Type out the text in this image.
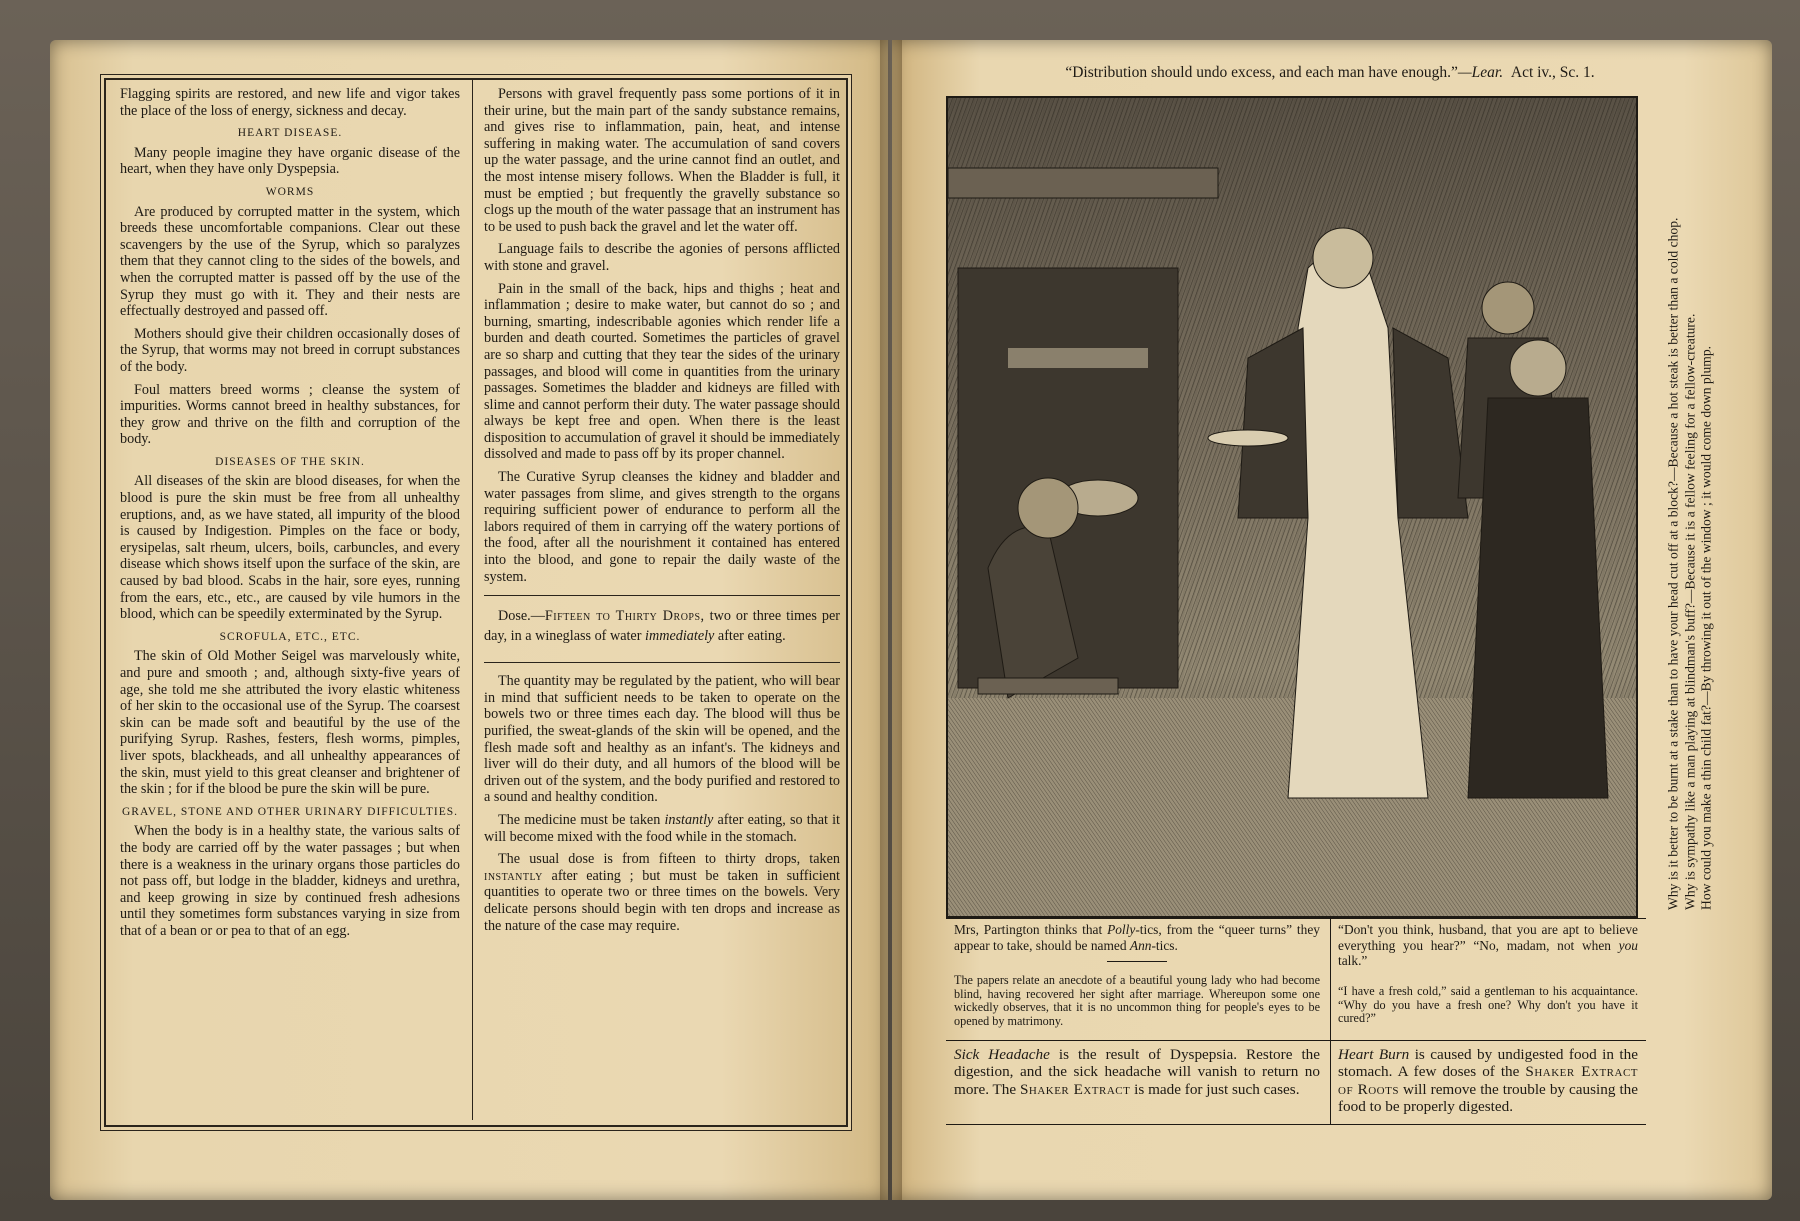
Flagging spirits are restored, and new life and vigor takes the place of the loss of energy, sickness and decay.

HEART DISEASE.

Many people imagine they have organic disease of the heart, when they have only Dyspepsia.

WORMS

Are produced by corrupted matter in the system, which breeds these uncomfortable companions. Clear out these scavengers by the use of the Syrup, which so paralyzes them that they cannot cling to the sides of the bowels, and when the corrupted matter is passed off by the use of the Syrup they must go with it. They and their nests are effectually destroyed and passed off.

Mothers should give their children occasionally doses of the Syrup, that worms may not breed in corrupt substances of the body.

Foul matters breed worms ; cleanse the system of impurities. Worms cannot breed in healthy substances, for they grow and thrive on the filth and corruption of the body.

DISEASES OF THE SKIN.

All diseases of the skin are blood diseases, for when the blood is pure the skin must be free from all unhealthy eruptions, and, as we have stated, all impurity of the blood is caused by Indigestion. Pimples on the face or body, erysipelas, salt rheum, ulcers, boils, carbuncles, and every disease which shows itself upon the surface of the skin, are caused by bad blood. Scabs in the hair, sore eyes, running from the ears, etc., etc., are caused by vile humors in the blood, which can be speedily exterminated by the Syrup.

SCROFULA, ETC., ETC.

The skin of Old Mother Seigel was marvelously white, and pure and smooth ; and, although sixty-five years of age, she told me she attributed the ivory elastic whiteness of her skin to the occasional use of the Syrup. The coarsest skin can be made soft and beautiful by the use of the purifying Syrup. Rashes, festers, flesh worms, pimples, liver spots, blackheads, and all unhealthy appearances of the skin, must yield to this great cleanser and brightener of the skin ; for if the blood be pure the skin will be pure.

GRAVEL, STONE AND OTHER URINARY DIFFICULTIES.

When the body is in a healthy state, the various salts of the body are carried off by the water passages ; but when there is a weakness in the urinary organs those particles do not pass off, but lodge in the bladder, kidneys and urethra, and keep growing in size by continued fresh adhesions until they sometimes form substances varying in size from that of a bean or or pea to that of an egg.

Persons with gravel frequently pass some portions of it in their urine, but the main part of the sandy substance remains, and gives rise to inflammation, pain, heat, and intense suffering in making water. The accumulation of sand covers up the water passage, and the urine cannot find an outlet, and the most intense misery follows. When the Bladder is full, it must be emptied ; but frequently the gravelly substance so clogs up the mouth of the water passage that an instrument has to be used to push back the gravel and let the water off.

Language fails to describe the agonies of persons afflicted with stone and gravel.

Pain in the small of the back, hips and thighs ; heat and inflammation ; desire to make water, but cannot do so ; and burning, smarting, indescribable agonies which render life a burden and death courted. Sometimes the particles of gravel are so sharp and cutting that they tear the sides of the urinary passages, and blood will come in quantities from the urinary passages. Sometimes the bladder and kidneys are filled with slime and cannot perform their duty. The water passage should always be kept free and open. When there is the least disposition to accumulation of gravel it should be immediately dissolved and made to pass off by its proper channel.

The Curative Syrup cleanses the kidney and bladder and water passages from slime, and gives strength to the organs requiring sufficient power of endurance to perform all the labors required of them in carrying off the watery portions of the food, after all the nourishment it contained has entered into the blood, and gone to repair the daily waste of the system.

Dose.—Fifteen to Thirty Drops, two or three times per day, in a wineglass of water immediately after eating.

The quantity may be regulated by the patient, who will bear in mind that sufficient needs to be taken to operate on the bowels two or three times each day. The blood will thus be purified, the sweat-glands of the skin will be opened, and the flesh made soft and healthy as an infant's. The kidneys and liver will do their duty, and all humors of the blood will be driven out of the system, and the body purified and restored to a sound and healthy condition.

The medicine must be taken instantly after eating, so that it will become mixed with the food while in the stomach.

The usual dose is from fifteen to thirty drops, taken instantly after eating ; but must be taken in sufficient quantities to operate two or three times on the bowels. Very delicate persons should begin with ten drops and increase as the nature of the case may require.

“Distribution should undo excess, and each man have enough.”—Lear. Act iv., Sc. 1.

Why is it better to be burnt at a stake than to have your head cut off at a block?—Because a hot steak is better than a cold chop. Why is sympathy like a man playing at blindman's buff?—Because it is a fellow feeling for a fellow-creature. How could you make a thin child fat?—By throwing it out of the window ; it would come down plump.

Mrs, Partington thinks that Polly-tics, from the “queer turns” they appear to take, should be named Ann-tics.

The papers relate an anecdote of a beautiful young lady who had become blind, having recovered her sight after marriage. Whereupon some one wickedly observes, that it is no uncommon thing for people's eyes to be opened by matrimony.

“Don't you think, husband, that you are apt to believe everything you hear?” “No, madam, not when you talk.”

“I have a fresh cold,” said a gentleman to his acquaintance. “Why do you have a fresh one? Why don't you have it cured?”

Sick Headache is the result of Dyspepsia. Restore the digestion, and the sick headache will vanish to return no more. The Shaker Extract is made for just such cases.

Heart Burn is caused by undigested food in the stomach. A few doses of the Shaker Extract of Roots will remove the trouble by causing the food to be properly digested.
